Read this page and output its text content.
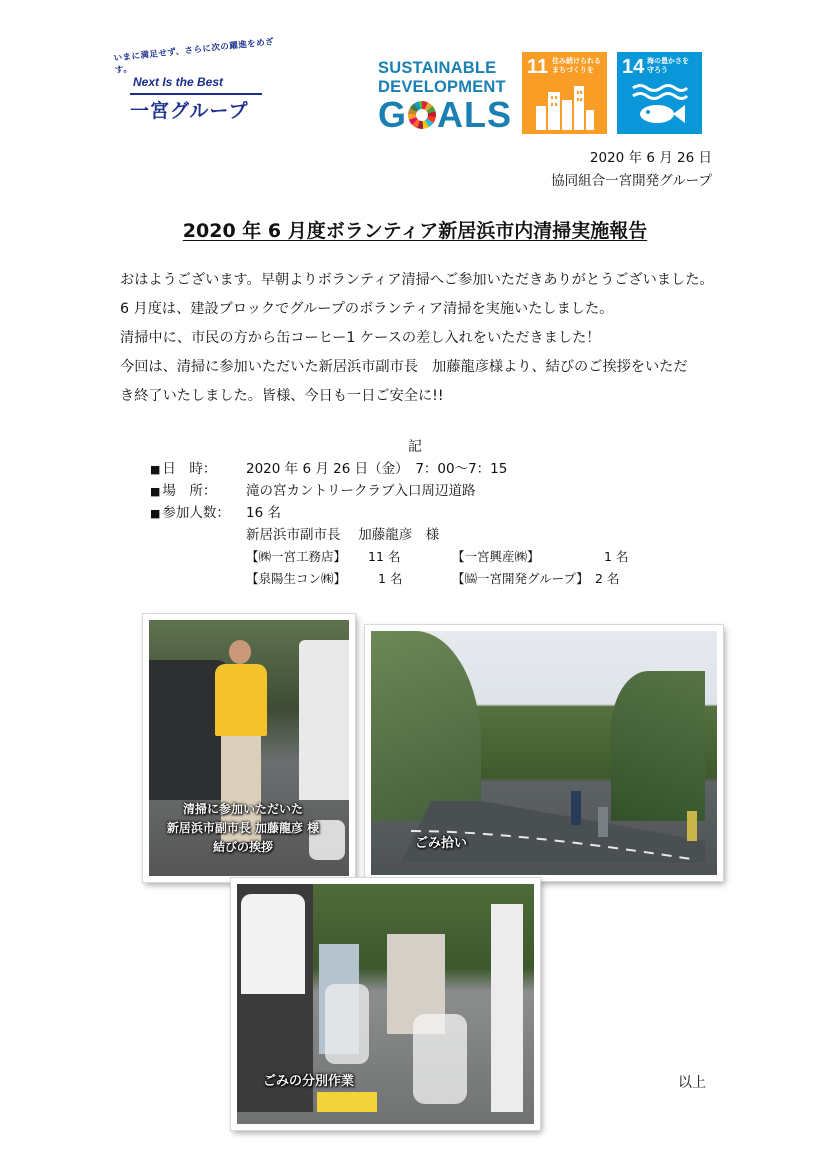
いまに満足せず、さらに次の躍進をめざす。
Next Is the Best
一宮グループ
SUSTAINABLE
DEVELOPMENT
G ALS
11 住み続けられる
まちづくりを	14 海の豊かさを
守ろう
2020 年 6 月 26 日
協同組合一宮開発グループ
2020 年 6 月度ボランティア新居浜市内清掃実施報告
おはようございます。早朝よりボランティア清掃へご参加いただきありがとうございました。
6 月度は、建設ブロックでグループのボランティア清掃を実施いたしました。
清掃中に、市民の方から缶コーヒー1 ケースの差し入れをいただきました！
今回は、清掃に参加いただいた新居浜市副市長　加藤龍彦様より、結びのご挨拶をいただ
き終了いたしました。皆様、今日も一日ご安全に!!
記
■ 日　時： 2020 年 6 月 26 日（金）　7：00〜7：15
■ 場　所： 滝の宮カントリークラブ入口周辺道路
■ 参加人数： 16 名
新居浜市副市長　 加藤龍彦　様
【㈱一宮工務店】 11 名	【一宮興産㈱】	1 名
【泉陽生コン㈱】	1 名	【㈿一宮開発グループ】 2 名
清掃に参加いただいた
新居浜市副市長 加藤龍彦 様
結びの挨拶	ごみ拾い
ごみの分別作業	以上
